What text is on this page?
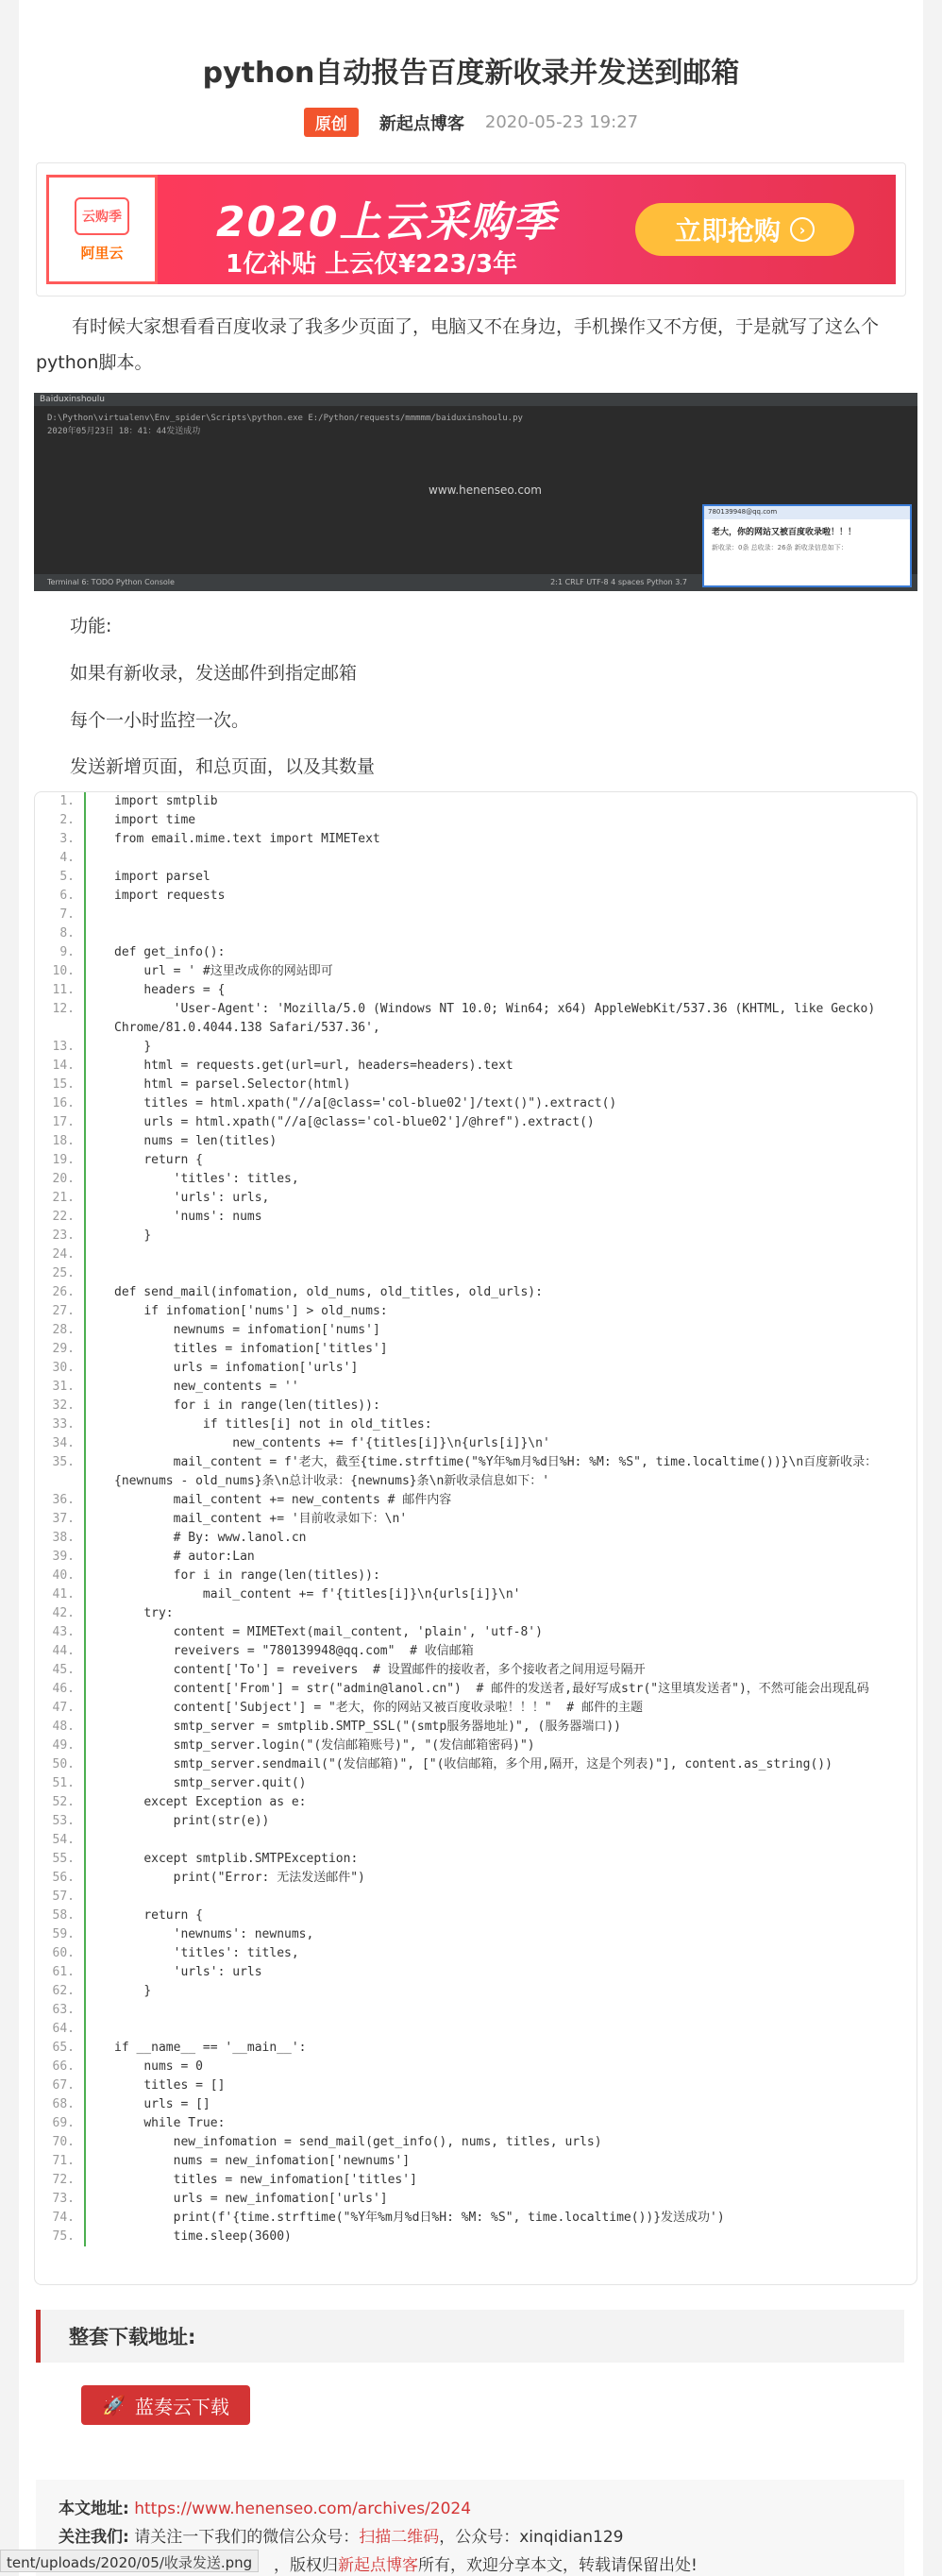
python自动报告百度新收录并发送到邮箱
原创	新起点博客 2020-05-23 19:27
云购季
阿里云
2020上云采购季
1亿补贴 上云仅¥223/3年
立即抢购	›

有时候大家想看看百度收录了我多少页面了，电脑又不在身边，手机操作又不方便，于是就写了这么个python脚本。

Baiduxinshoulu
D:\Python\virtualenv\Env_spider\Scripts\python.exe E:/Python/requests/mmmmm/baiduxinshoulu.py
2020年05月23日 18：41：44发送成功
www.henenseo.com
Terminal 6: TODO Python Console	2:1 CRLF UTF-8 4 spaces Python 3.7
780139948@qq.com
老大，你的网站又被百度收录啦！！！
新收录：0条 总收录：26条 新收录信息如下：
功能:
如果有新收录，发送邮件到指定邮箱
每个一小时监控一次。
发送新增页面，和总页面，以及其数量
1.	import smtplib
2.	import time
3.	from email.mime.text import MIMEText
4.
5.	import parsel
6.	import requests
7.
8.
9.	def get_info():
10.	url = ' #这里改成你的网站即可
11.	headers = {
12.	'User-Agent': 'Mozilla/5.0 (Windows NT 10.0; Win64; x64) AppleWebKit/537.36 (KHTML, like Gecko) Chrome/81.0.4044.138 Safari/537.36',
13.	}
14.	html = requests.get(url=url, headers=headers).text
15.	html = parsel.Selector(html)
16.	titles = html.xpath("//a[@class='col-blue02']/text()").extract()
17.	urls = html.xpath("//a[@class='col-blue02']/@href").extract()
18.	nums = len(titles)
19.	return {
20.	'titles': titles,
21.	'urls': urls,
22.	'nums': nums
23.	}
24.
25.
26.	def send_mail(infomation, old_nums, old_titles, old_urls):
27.	if infomation['nums'] > old_nums:
28.	newnums = infomation['nums']
29.	titles = infomation['titles']
30.	urls = infomation['urls']
31.	new_contents = ''
32.	for i in range(len(titles)):
33.	if titles[i] not in old_titles:
34.	new_contents += f'{titles[i]}\n{urls[i]}\n'
35.	mail_content = f'老大，截至{time.strftime("%Y年%m月%d日%H: %M: %S", time.localtime())}\n百度新收录：{newnums - old_nums}条\n总计收录：{newnums}条\n新收录信息如下：'
36.	mail_content += new_contents # 邮件内容
37.	mail_content += '目前收录如下：\n'
38.	# By: www.lanol.cn
39.	# autor:Lan
40.	for i in range(len(titles)):
41.	mail_content += f'{titles[i]}\n{urls[i]}\n'
42.	try:
43.	content = MIMEText(mail_content, 'plain', 'utf-8')
44.	reveivers = "780139948@qq.com"  # 收信邮箱
45.	content['To'] = reveivers  # 设置邮件的接收者，多个接收者之间用逗号隔开
46.	content['From'] = str("admin@lanol.cn")  # 邮件的发送者,最好写成str("这里填发送者")，不然可能会出现乱码
47.	content['Subject'] = "老大，你的网站又被百度收录啦！！！"  # 邮件的主题
48.	smtp_server = smtplib.SMTP_SSL("(smtp服务器地址)", (服务器端口))
49.	smtp_server.login("(发信邮箱账号)", "(发信邮箱密码)")
50.	smtp_server.sendmail("(发信邮箱)", ["(收信邮箱，多个用,隔开，这是个列表)"], content.as_string())
51.	smtp_server.quit()
52.	except Exception as e:
53.	print(str(e))
54.
55.	except smtplib.SMTPException:
56.	print("Error: 无法发送邮件")
57.
58.	return {
59.	'newnums': newnums,
60.	'titles': titles,
61.	'urls': urls
62.	}
63.
64.
65.	if __name__ == '__main__':
66.	nums = 0
67.	titles = []
68.	urls = []
69.	while True:
70.	new_infomation = send_mail(get_info(), nums, titles, urls)
71.	nums = new_infomation['newnums']
72.	titles = new_infomation['titles']
73.	urls = new_infomation['urls']
74.	print(f'{time.strftime("%Y年%m月%d日%H: %M: %S", time.localtime())}发送成功')
75.	time.sleep(3600)
整套下载地址:
🚀 蓝奏云下载
本文地址: https://www.henenseo.com/archives/2024
关注我们: 请关注一下我们的微信公众号：扫描二维码，公众号：xinqidian129
，版权归新起点博客所有，欢迎分享本文，转载请保留出处!
tent/uploads/2020/05/收录发送.png
